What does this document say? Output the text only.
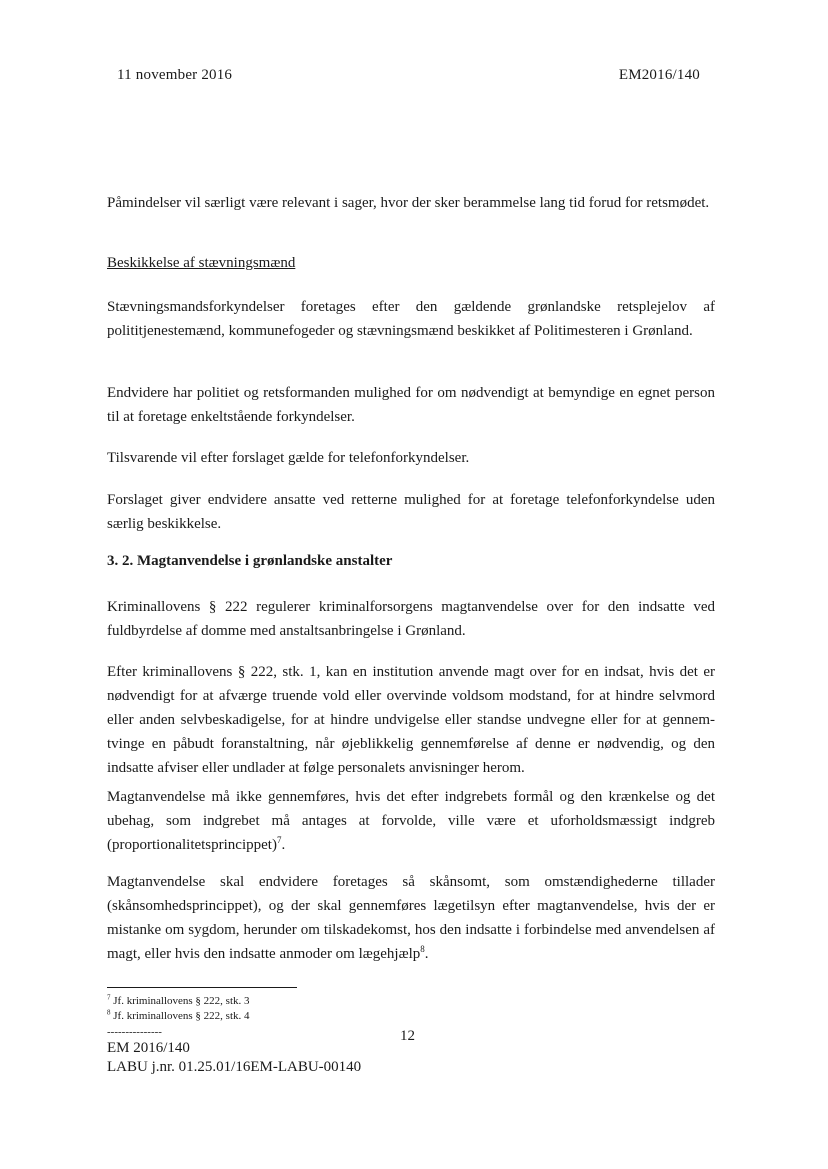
11 november 2016	EM2016/140

Påmindelser vil særligt være relevant i sager, hvor der sker berammelse lang tid forud for retsmødet.

Beskikkelse af stævningsmænd

Stævningsmandsforkyndelser foretages efter den gældende grønlandske retsplejelov af polititjenestemænd, kommunefogeder og stævningsmænd beskikket af Politimesteren i Grønland.

Endvidere har politiet og retsformanden mulighed for om nødvendigt at bemyndige en egnet person til at foretage enkeltstående forkyndelser.

Tilsvarende vil efter forslaget gælde for telefonforkyndelser.

Forslaget giver endvidere ansatte ved retterne mulighed for at foretage telefonforkyndelse uden særlig beskikkelse.

3. 2. Magtanvendelse i grønlandske anstalter

Kriminallovens § 222 regulerer kriminalforsorgens magtanvendelse over for den indsatte ved fuldbyrdelse af domme med anstaltsanbringelse i Grønland.

Efter kriminallovens § 222, stk. 1, kan en institution anvende magt over for en indsat, hvis det er nødvendigt for at afværge truende vold eller overvinde voldsom modstand, for at hindre selvmord eller anden selvbeskadigelse, for at hindre undvigelse eller standse undvegne eller for at gennem-tvinge en påbudt foranstaltning, når øjeblikkelig gennemførelse af denne er nødvendig, og den indsatte afviser eller undlader at følge personalets anvisninger herom.

Magtanvendelse må ikke gennemføres, hvis det efter indgrebets formål og den krænkelse og det ubehag, som indgrebet må antages at forvolde, ville være et uforholdsmæssigt indgreb (proportionalitetsprincippet)$^7$.

Magtanvendelse skal endvidere foretages så skånsomt, som omstændighederne tillader (skånsomhedsprincippet), og der skal gennemføres lægetilsyn efter magtanvendelse, hvis der er mistanke om sygdom, herunder om tilskadekomst, hos den indsatte i forbindelse med anvendelsen af magt, eller hvis den indsatte anmoder om lægehjælp$^8$.

$^7$ Jf. kriminallovens § 222, stk. 3
$^8$ Jf. kriminallovens § 222, stk. 4
---------------	12
EM 2016/140
LABU j.nr. 01.25.01/16EM-LABU-00140
